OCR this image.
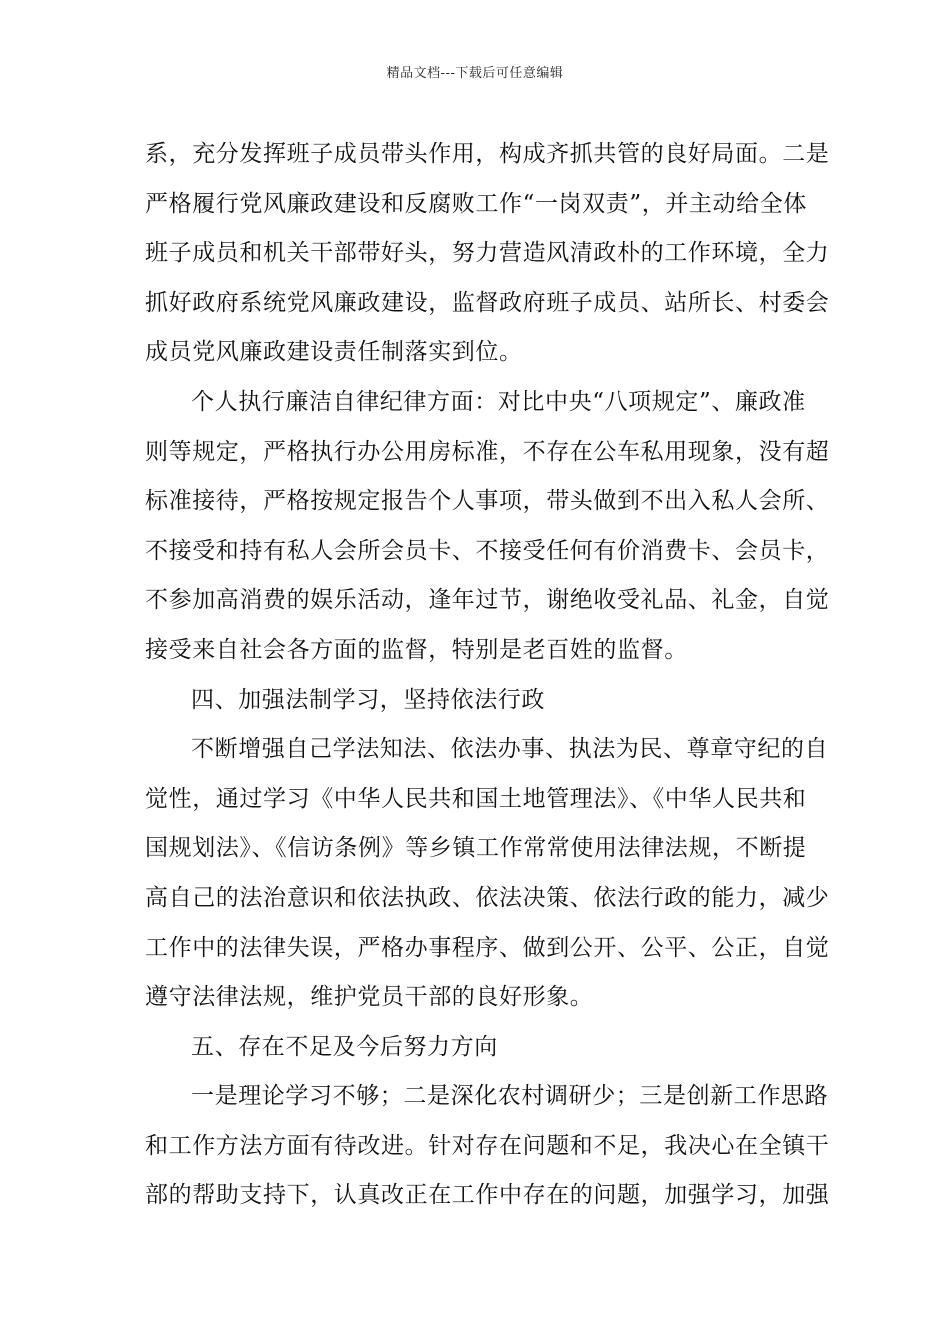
精品文档---下载后可任意编辑
系，充分发挥班子成员带头作用，构成齐抓共管的良好局面。二是
严格履行党风廉政建设和反腐败工作“一岗双责”，并主动给全体
班子成员和机关干部带好头，努力营造风清政朴的工作环境，全力
抓好政府系统党风廉政建设，监督政府班子成员、站所长、村委会
成员党风廉政建设责任制落实到位。
个人执行廉洁自律纪律方面：对比中央“八项规定”、廉政准
则等规定，严格执行办公用房标准，不存在公车私用现象，没有超
标准接待，严格按规定报告个人事项，带头做到不出入私人会所、
不接受和持有私人会所会员卡、不接受任何有价消费卡、会员卡，
不参加高消费的娱乐活动，逢年过节，谢绝收受礼品、礼金，自觉
接受来自社会各方面的监督，特别是老百姓的监督。
四、加强法制学习，坚持依法行政
不断增强自己学法知法、依法办事、执法为民、尊章守纪的自
觉性，通过学习《中华人民共和国土地管理法》、《中华人民共和
国规划法》、《信访条例》等乡镇工作常常使用法律法规，不断提
高自己的法治意识和依法执政、依法决策、依法行政的能力，减少
工作中的法律失误，严格办事程序、做到公开、公平、公正，自觉
遵守法律法规，维护党员干部的良好形象。
五、存在不足及今后努力方向
一是理论学习不够；二是深化农村调研少；三是创新工作思路
和工作方法方面有待改进。针对存在问题和不足，我决心在全镇干
部的帮助支持下，认真改正在工作中存在的问题，加强学习，加强
